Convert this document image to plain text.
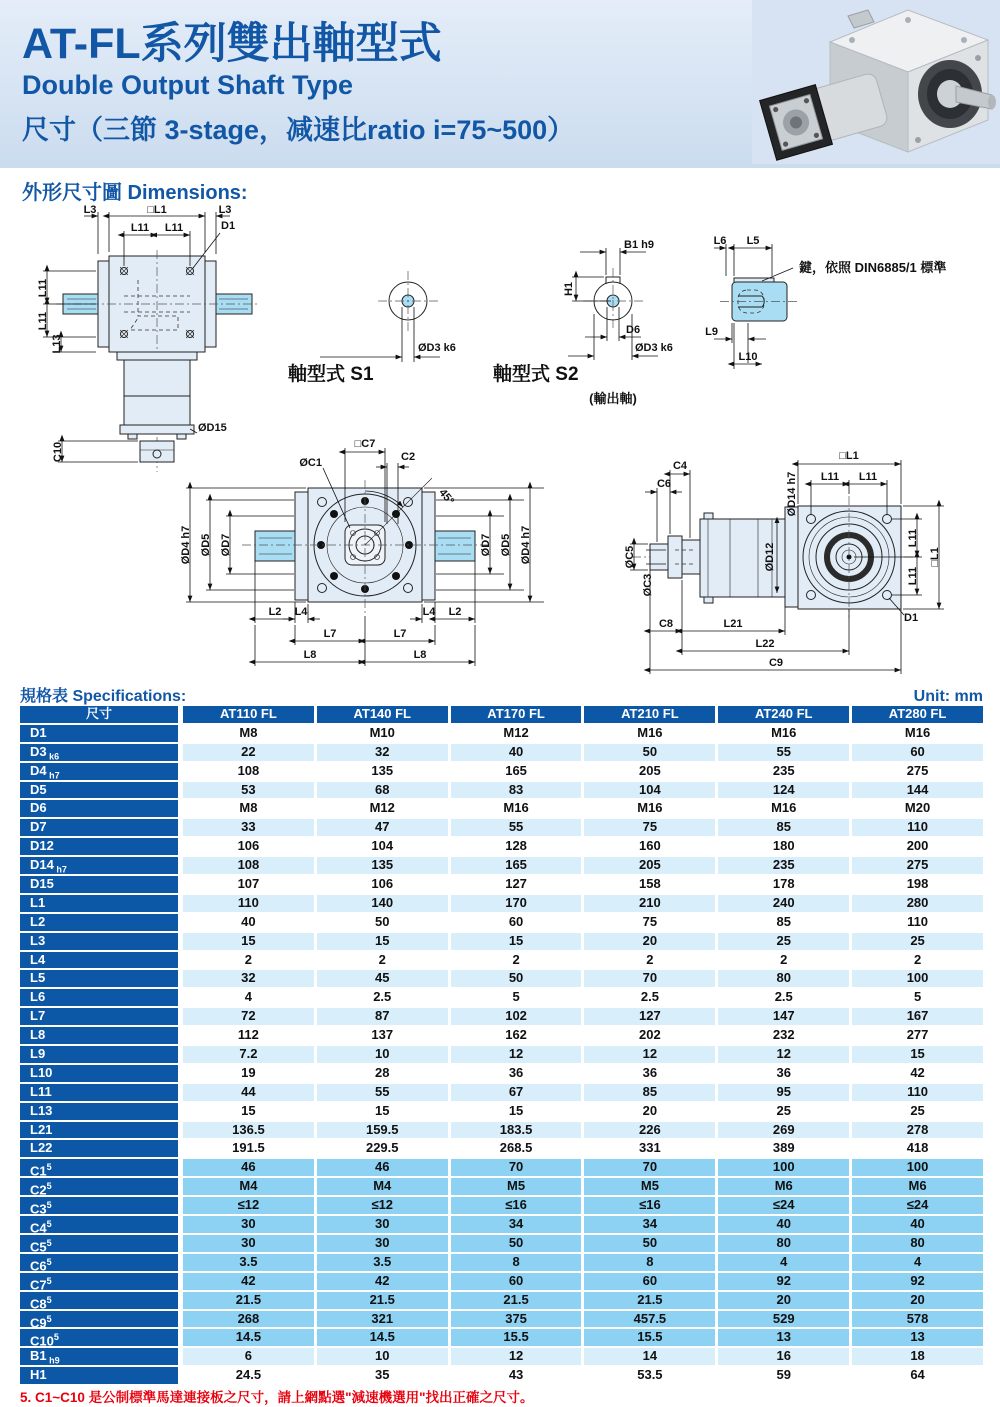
AT-FL系列雙出軸型式
Double Output Shaft Type
尺寸（三節 3-stage，减速比ratio i=75~500）
外形尺寸圖 Dimensions:
L3	□L1	L3
L11 L11	D1
L11
L11
L13
C10
ØD15
ØD3 k6
軸型式 S1
B1 h9
H1
D6
ØD3 k6
軸型式 S2
(輸出軸)
L6 L5
鍵，依照 DIN6885/1 標準
L9
L10
45°
□C7
C2
ØC1
ØD4 h7 ØD5 ØD7	ØD7 ØD5 ØD4 h7
L2 L4	L4 L2
L7	L7
L8	L8
□L1
L11 L11
C4
C6
ØC5
ØC3
ØD14 h7
ØD12
L11
L11
□L1
C8	L21
L22
C9
D1
規格表 Specifications:	Unit: mm
尺寸	AT110 FL	AT140 FL	AT170 FL	AT210 FL	AT240 FL	AT280 FL
D1	M8	M10	M12	M16	M16	M16
D3 $_{k6}$	22	32	40	50	55	60
D4 $_{h7}$	108	135	165	205	235	275
D5	53	68	83	104	124	144
D6	M8	M12	M16	M16	M16	M20
D7	33	47	55	75	85	110
D12	106	104	128	160	180	200
D14 $_{h7}$	108	135	165	205	235	275
D15	107	106	127	158	178	198
L1	110	140	170	210	240	280
L2	40	50	60	75	85	110
L3	15	15	15	20	25	25
L4	2	2	2	2	2	2
L5	32	45	50	70	80	100
L6	4	2.5	5	2.5	2.5	5
L7	72	87	102	127	147	167
L8	112	137	162	202	232	277
L9	7.2	10	12	12	12	15
L10	19	28	36	36	36	42
L11	44	55	67	85	95	110
L13	15	15	15	20	25	25
L21	136.5	159.5	183.5	226	269	278
L22	191.5	229.5	268.5	331	389	418
$C1^5$	46	46	70	70	100	100
$C2^5$	M4	M4	M5	M5	M6	M6
$C3^5$	≤12	≤12	≤16	≤16	≤24	≤24
$C4^5$	30	30	34	34	40	40
$C5^5$	30	30	50	50	80	80
$C6^5$	3.5	3.5	8	8	4	4
$C7^5$	42	42	60	60	92	92
$C8^5$	21.5	21.5	21.5	21.5	20	20
$C9^5$	268	321	375	457.5	529	578
$C10^5$	14.5	14.5	15.5	15.5	13	13
B1 $_{h9}$	6	10	12	14	16	18
H1	24.5	35	43	53.5	59	64
5. C1~C10 是公制標準馬達連接板之尺寸，請上網點選"減速機選用"找出正確之尺寸。
